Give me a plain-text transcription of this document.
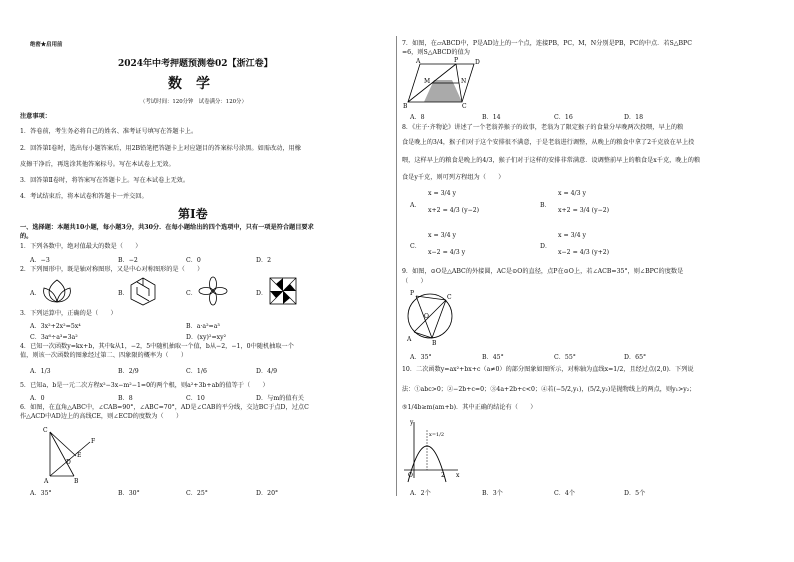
绝密★启用前
2024年中考押题预测卷02【浙江卷】
数　学
（考试时间：120分钟　试卷满分：120分）
注意事项：
1．答卷前，考生务必将自己的姓名、准考证号填写在答题卡上。
2．回答第Ⅰ卷时，选出每小题答案后，用2B铅笔把答题卡上对应题目的答案标号涂黑。如需改动，用橡
皮擦干净后，再选涂其他答案标号。写在本试卷上无效。
3．回答第Ⅱ卷时，将答案写在答题卡上。写在本试卷上无效。
4．考试结束后，将本试卷和答题卡一并交回。
第Ⅰ卷
一、选择题：本题共10小题，每小题3分，共30分．在每小题给出的四个选项中，只有一项是符合题目要求
的。
1．下列各数中，绝对值最大的数是（　　）
A．−3	B．−2	C．0	D．2
2．下列图形中，既是轴对称图形，又是中心对称图形的是（　　）
A．	B．	C．	D．
3．下列运算中，正确的是（　　）
A．3x²+2x²=5x⁴	B．a·a²=a³
C．3a⁶÷a³=3a²	D．(xy)²=xy²
4．已知一次函数y=kx+b，其中k从1，−2，5中随机抽取一个值，b从−2，−1，0中随机抽取一个
值，则该一次函数的图象经过第二、四象限的概率为（　　）
A．1/3	B．2/9	C．1/6	D．4/9
5．已知a，b是一元二次方程x²−3x−m²−1=0的两个根，则a²+3b+ab的值等于（　　）
A．0	B．8	C．10	D．与m的值有关
6．如图，在直角△ABC中，∠CAB=90°，∠ABC=70°，AD是∠CAB的平分线，交边BC于点D，过点C
作△ACD中AD边上的高线CE，则∠ECD的度数为（　　）
C
F
E
D
A	B
A．35°	B．30°	C．25°	D．20°
7．如图，在▱ABCD中，P是AD边上的一个点，连接PB，PC，M，N分别是PB，PC的中点．若S△BPC
=6，则S△ABCD的值为
A	P	D
M	N
B	C
A．8	B．14	C．16	D．18
8．《庄子·齐物论》讲述了一个老翁养猴子的故事，老翁为了限定猴子的食量分早晚两次投喂，早上的粮
食是晚上的3/4，猴子们对于这个安排很不满意，于是老翁进行调整，从晚上的粮食中拿了2千克放在早上投
喂，这样早上的粮食是晚上的4/3，猴子们对于这样的安排非常满意．设调整前早上的粮食是x千克，晚上的粮
食是y千克，则可列方程组为（　　）
A．
x = 3/4 y
x+2 = 4/3 (y−2)
B．
x = 4/3 y
x+2 = 3/4 (y−2)
C．
x = 3/4 y
x−2 = 4/3 y
D．
x = 3/4 y
x−2 = 4/3 (y+2)
9．如图，⊙O是△ABC的外接圆，AC是⊙O的直径，点P在⊙O上，若∠ACB=35°，则∠BPC的度数是
（　　）
P
C
O
A
B
A．35°	B．45°	C．55°	D．65°
10．二次函数y=ax²+bx+c（a≠0）的部分图象如图所示，对称轴为直线x=1/2，且经过点(2,0)．下列说
法：①abc>0；②−2b+c=0；③4a+2b+c<0；④若(−5/2,y₁)，(5/2,y₂)是抛物线上的两点，则y₁>y₂；
⑤1/4b≥m(am+b)．其中正确的结论有（　　）
y
x=1/2
O	2 x
A．2个	B．3个	C．4个	D．5个
